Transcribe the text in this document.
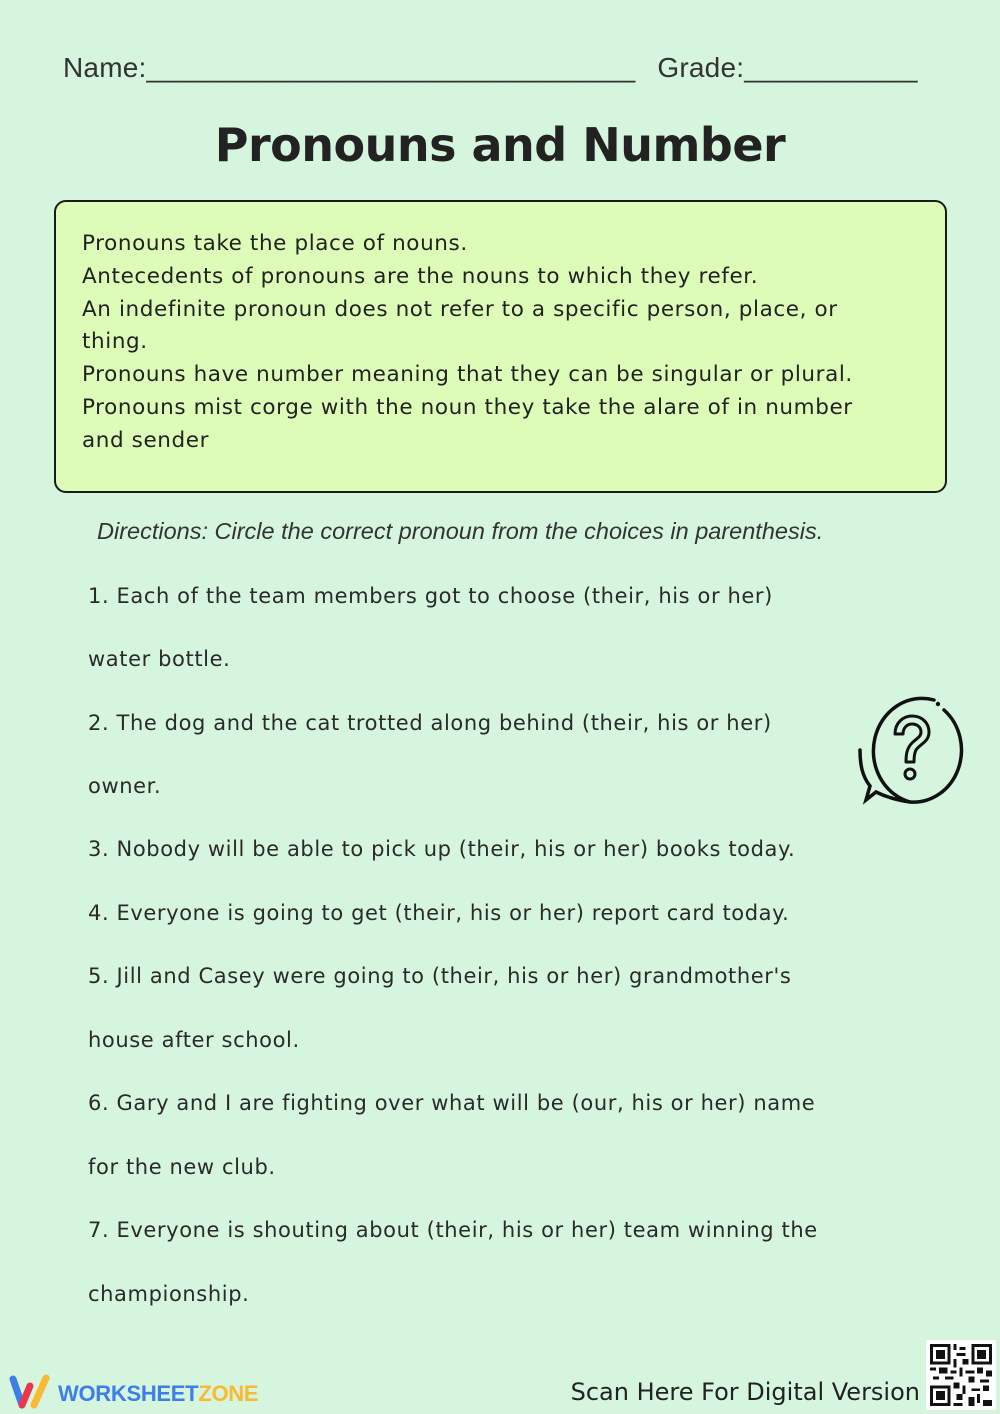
Name:_______________________________ Grade:___________
Pronouns and Number
Pronouns take the place of nouns.
Antecedents of pronouns are the nouns to which they refer.
An indefinite pronoun does not refer to a specific person, place, or
thing.
Pronouns have number meaning that they can be singular or plural.
Pronouns mist corge with the noun they take the alare of in number
and sender
Directions: Circle the correct pronoun from the choices in parenthesis.
1. Each of the team members got to choose (their, his or her)
water bottle.
2. The dog and the cat trotted along behind (their, his or her)
owner.
3. Nobody will be able to pick up (their, his or her) books today.
4. Everyone is going to get (their, his or her) report card today.
5. Jill and Casey were going to (their, his or her) grandmother's
house after school.
6. Gary and I are fighting over what will be (our, his or her) name
for the new club.
7. Everyone is shouting about (their, his or her) team winning the
championship.
WORKSHEETZONE	Scan Here For Digital Version
